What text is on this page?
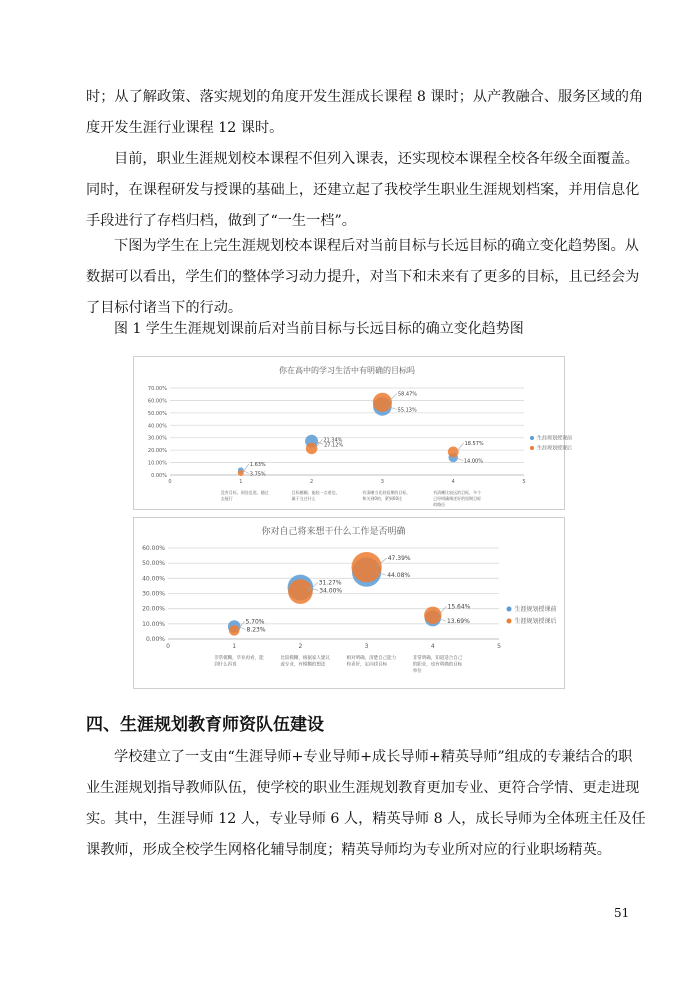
时；从了解政策、落实规划的角度开发生涯成长课程 8 课时；从产教融合、服务区域的角
度开发生涯行业课程 12 课时。
目前，职业生涯规划校本课程不但列入课表，还实现校本课程全校各年级全面覆盖。
同时，在课程研发与授课的基础上，还建立起了我校学生职业生涯规划档案，并用信息化
手段进行了存档归档，做到了“一生一档”。
下图为学生在上完生涯规划校本课程后对当前目标与长远目标的确立变化趋势图。从
数据可以看出，学生们的整体学习动力提升，对当下和未来有了更多的目标，且已经会为
了目标付诸当下的行动。
图 1 学生生涯规划课前后对当前目标与长远目标的确立变化趋势图
你在高中的学习生活中有明确的目标吗
0.00%
10.00%
20.00%
30.00%
40.00%
50.00%
60.00%
70.00%
0	1	2	3	4	5
没有目标，到处乱逛，随过去能行
目标模糊，能较一点着边，属于当过什么
有清晰当比较短期的目标，和关到0的，紧到00还
有清晰比较远的目标，多个已经明确阐述好的短期目标的路径
3.75%
27.12%
55.13%
14.00%
1.63%
21.34%
58.47%
18.57%
生涯规划授课前
生涯规划授课后
你对自己将来想干什么工作是否明确
0.00%
10.00%
20.00%
30.00%
40.00%
50.00%
60.00%
0	1	2	3	4	5
非常模糊，毕业再看，能到什么再说
比较模糊，根据家人建议或专业，有模糊的想法
相对明确，清楚自己能力和喜好，定向找目标
非常明确，知道适合自己的职业，也有明确的目标单位
8.23%
34.00%
44.08%
13.69%
5.70%
31.27%
47.39%
15.64%	生涯规划授课前
生涯规划授课后
四、生涯规划教育师资队伍建设
学校建立了一支由“生涯导师+专业导师+成长导师+精英导师”组成的专兼结合的职
业生涯规划指导教师队伍，使学校的职业生涯规划教育更加专业、更符合学情、更走进现
实。其中，生涯导师 12 人，专业导师 6 人，精英导师 8 人，成长导师为全体班主任及任
课教师，形成全校学生网格化辅导制度；精英导师均为专业所对应的行业职场精英。
51
